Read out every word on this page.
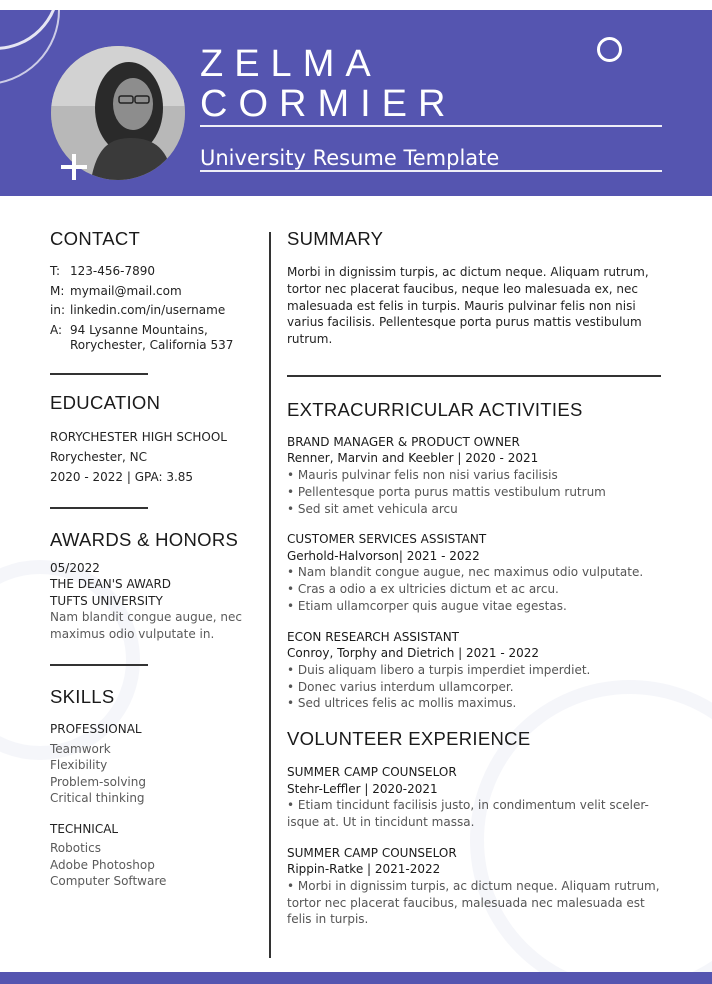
ZELMA
CORMIER
University Resume Template
CONTACT
T: 123-456-7890
M: mymail@mail.com
in: linkedin.com/in/username
A: 94 Lysanne Mountains, Rorychester, California 537
EDUCATION
RORYCHESTER HIGH SCHOOL
Rorychester, NC
2020 - 2022 | GPA: 3.85
AWARDS & HONORS
05/2022
THE DEAN'S AWARD
TUFTS UNIVERSITY
Nam blandit congue augue, nec maximus odio vulputate in.
SKILLS
PROFESSIONAL
Teamwork
Flexibility
Problem-solving
Critical thinking
TECHNICAL
Robotics
Adobe Photoshop
Computer Software
SUMMARY
Morbi in dignissim turpis, ac dictum neque. Aliquam rutrum, tortor nec placerat faucibus, neque leo malesuada ex, nec malesuada est felis in turpis. Mauris pulvinar felis non nisi varius facilisis. Pellentesque porta purus mattis vestibulum rutrum.
EXTRACURRICULAR ACTIVITIES
BRAND MANAGER & PRODUCT OWNER
Renner, Marvin and Keebler | 2020 - 2021
• Mauris pulvinar felis non nisi varius facilisis
• Pellentesque porta purus mattis vestibulum rutrum
• Sed sit amet vehicula arcu
CUSTOMER SERVICES ASSISTANT
Gerhold-Halvorson| 2021 - 2022
• Nam blandit congue augue, nec maximus odio vulputate.
• Cras a odio a ex ultricies dictum et ac arcu.
• Etiam ullamcorper quis augue vitae egestas.
ECON RESEARCH ASSISTANT
Conroy, Torphy and Dietrich | 2021 - 2022
• Duis aliquam libero a turpis imperdiet imperdiet.
• Donec varius interdum ullamcorper.
• Sed ultrices felis ac mollis maximus.
VOLUNTEER EXPERIENCE
SUMMER CAMP COUNSELOR
Stehr-Leffler | 2020-2021
• Etiam tincidunt facilisis justo, in condimentum velit sceler-isque at. Ut in tincidunt massa.
SUMMER CAMP COUNSELOR
Rippin-Ratke | 2021-2022
• Morbi in dignissim turpis, ac dictum neque. Aliquam rutrum, tortor nec placerat faucibus, malesuada nec malesuada est felis in turpis.
